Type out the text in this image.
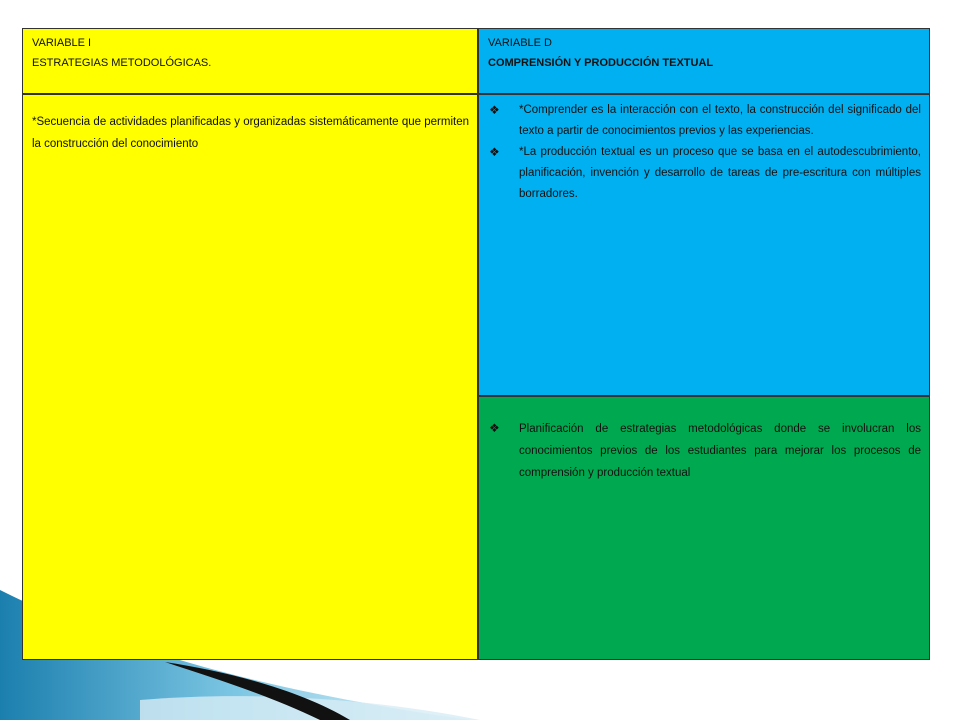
VARIABLE I
ESTRATEGIAS METODOLÓGICAS.
VARIABLE D
COMPRENSIÓN Y PRODUCCIÓN TEXTUAL
*Secuencia de actividades planificadas y organizadas sistemáticamente que permiten la construcción del conocimiento
❖ *Comprender es la interacción con el texto, la construcción del significado del texto a partir de conocimientos previos y las experiencias.
❖ *La producción textual es un proceso que se basa en el autodescubrimiento, planificación, invención y desarrollo de tareas de pre-escritura con múltiples borradores.
❖ Planificación de estrategias metodológicas donde se involucran los conocimientos previos de los estudiantes para mejorar los procesos de comprensión y producción textual
